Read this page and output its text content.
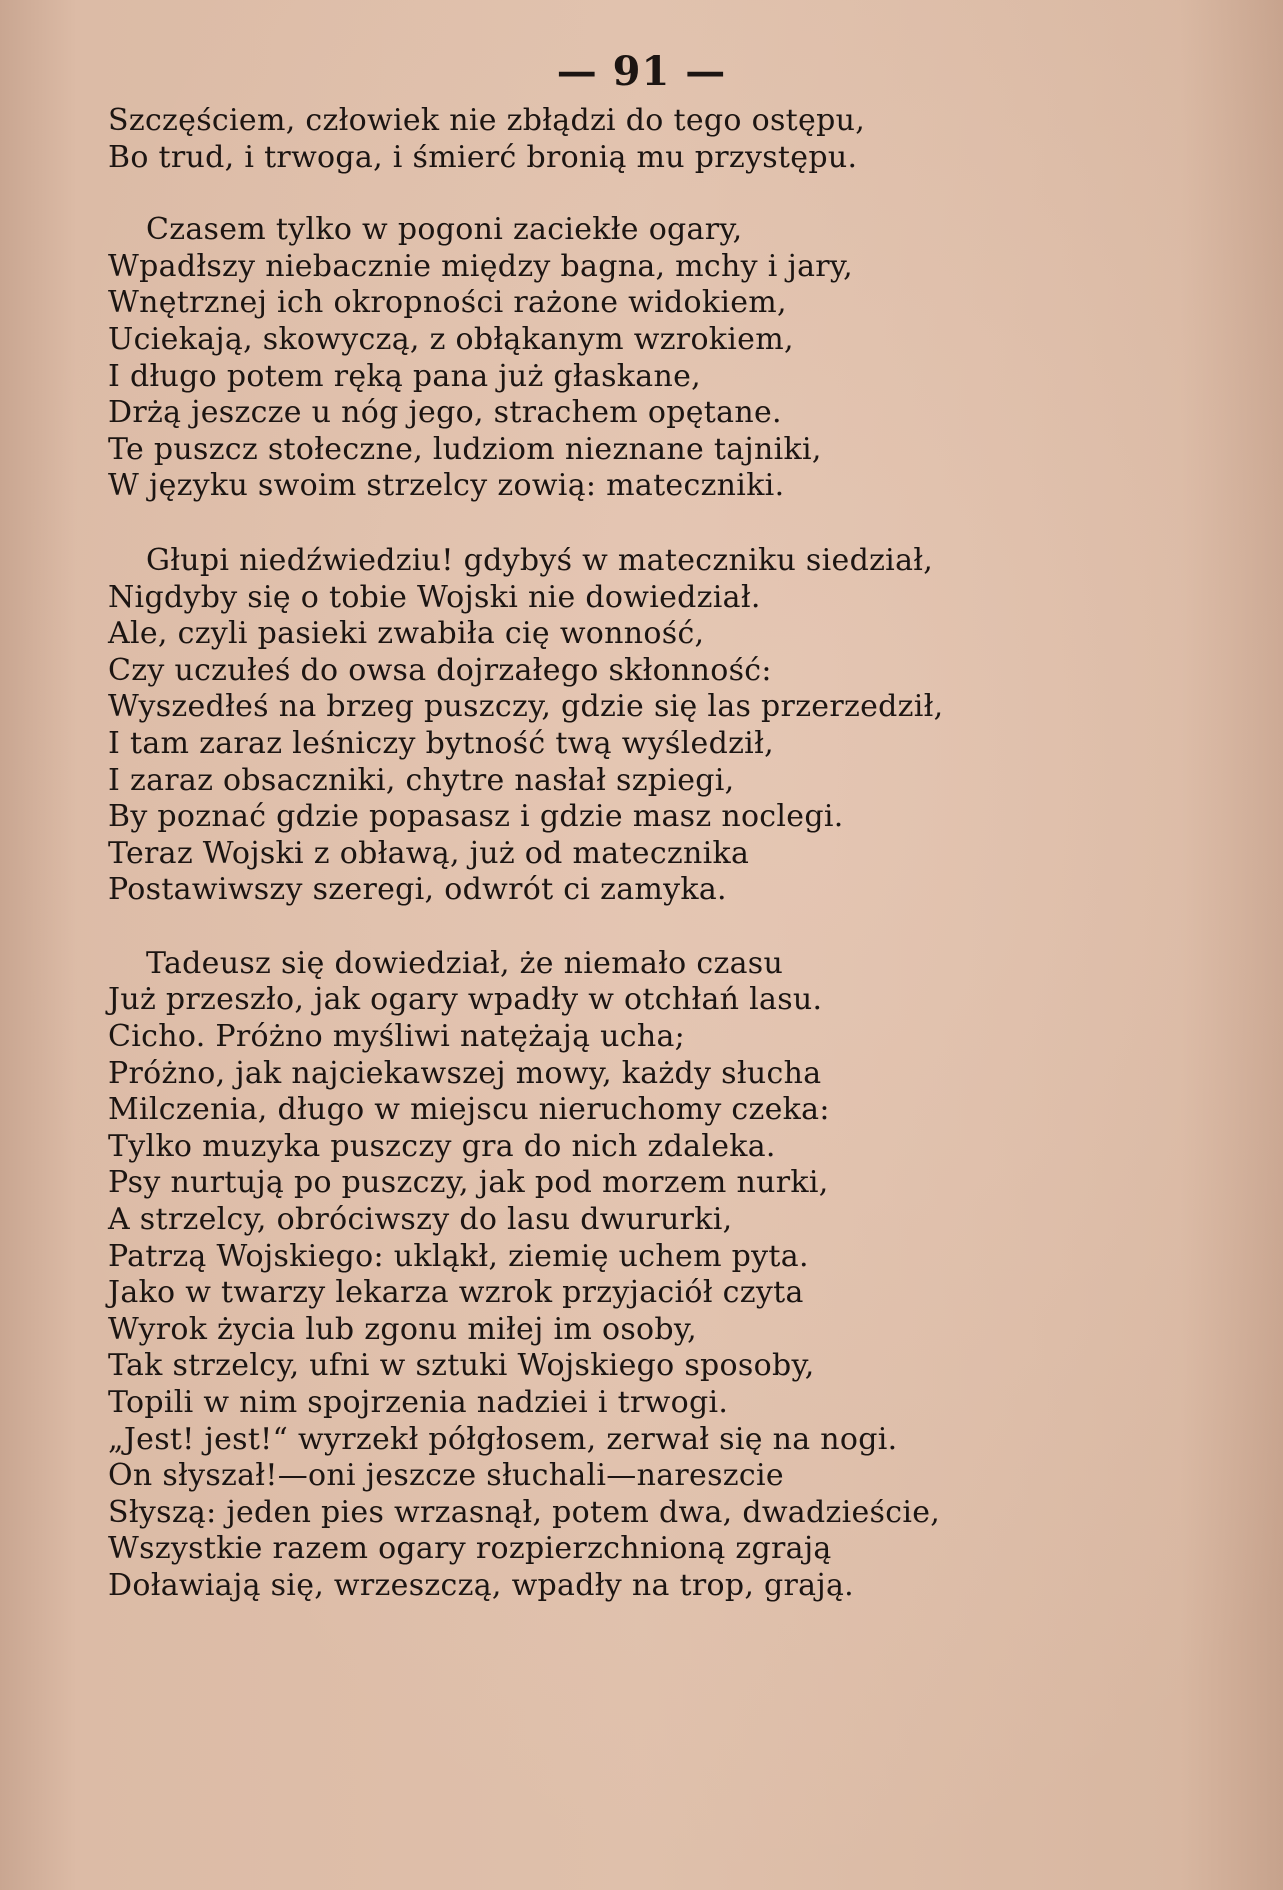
— 91 —
Szczęściem, człowiek nie zbłądzi do tego ostępu,
Bo trud, i trwoga, i śmierć bronią mu przystępu.
Czasem tylko w pogoni zaciekłe ogary,
Wpadłszy niebacznie między bagna, mchy i jary,
Wnętrznej ich okropności rażone widokiem,
Uciekają, skowyczą, z obłąkanym wzrokiem,
I długo potem ręką pana już głaskane,
Drżą jeszcze u nóg jego, strachem opętane.
Te puszcz stołeczne, ludziom nieznane tajniki,
W języku swoim strzelcy zowią: mateczniki.
Głupi niedźwiedziu! gdybyś w mateczniku siedział,
Nigdyby się o tobie Wojski nie dowiedział.
Ale, czyli pasieki zwabiła cię wonność,
Czy uczułeś do owsa dojrzałego skłonność:
Wyszedłeś na brzeg puszczy, gdzie się las przerzedził,
I tam zaraz leśniczy bytność twą wyśledził,
I zaraz obsaczniki, chytre nasłał szpiegi,
By poznać gdzie popasasz i gdzie masz noclegi.
Teraz Wojski z obławą, już od matecznika
Postawiwszy szeregi, odwrót ci zamyka.
Tadeusz się dowiedział, że niemało czasu
Już przeszło, jak ogary wpadły w otchłań lasu.
Cicho. Próżno myśliwi natężają ucha;
Próżno, jak najciekawszej mowy, każdy słucha
Milczenia, długo w miejscu nieruchomy czeka:
Tylko muzyka puszczy gra do nich zdaleka.
Psy nurtują po puszczy, jak pod morzem nurki,
A strzelcy, obróciwszy do lasu dwururki,
Patrzą Wojskiego: ukląkł, ziemię uchem pyta.
Jako w twarzy lekarza wzrok przyjaciół czyta
Wyrok życia lub zgonu miłej im osoby,
Tak strzelcy, ufni w sztuki Wojskiego sposoby,
Topili w nim spojrzenia nadziei i trwogi.
„Jest! jest!“ wyrzekł półgłosem, zerwał się na nogi.
On słyszał!—oni jeszcze słuchali—nareszcie
Słyszą: jeden pies wrzasnął, potem dwa, dwadzieście,
Wszystkie razem ogary rozpierzchnioną zgrają
Doławiają się, wrzeszczą, wpadły na trop, grają.
